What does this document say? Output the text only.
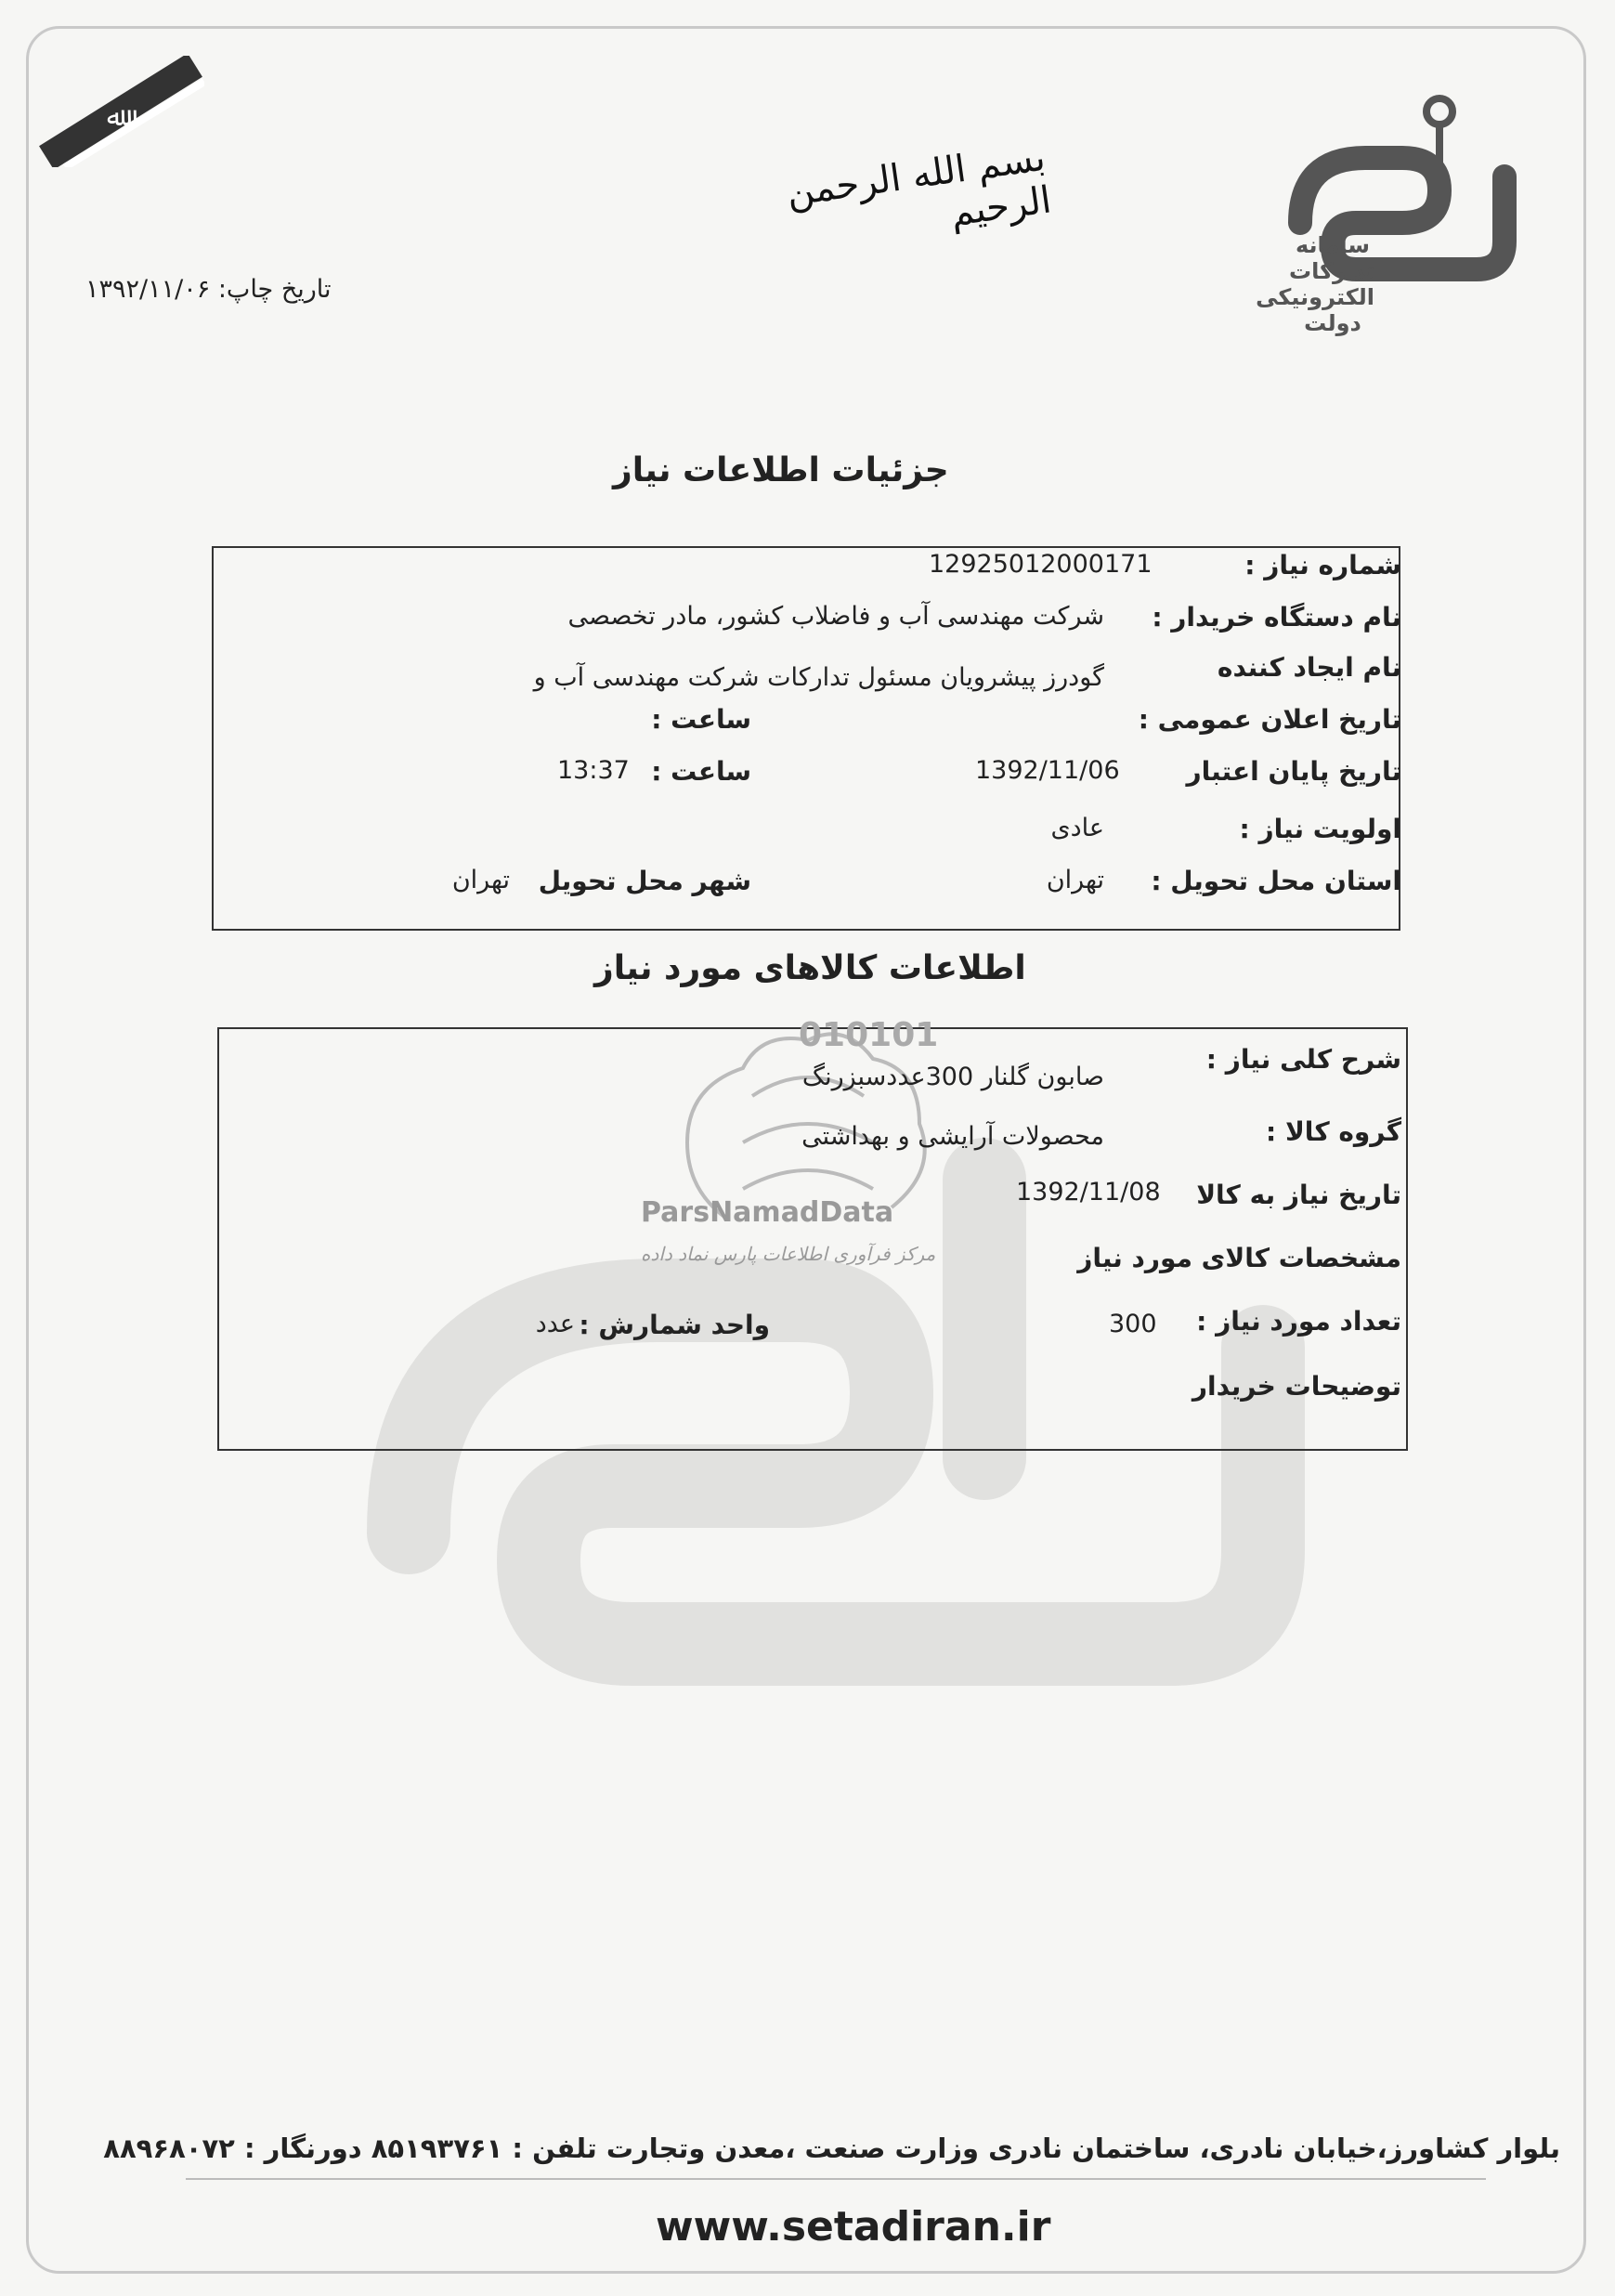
ﷲ
بسم الله الرحمن الرحیم
سامانه تدارکات الکترونیکی دولت
تاریخ چاپ: ۱۳۹۲/۱۱/۰۶
جزئیات اطلاعات نیاز
شماره نیاز :
12925012000171
نام دستگاه خریدار :
شرکت مهندسی آب و فاضلاب کشور، مادر تخصصی
نام ایجاد کننده
گودرز پیشرویان مسئول تدارکات شرکت مهندسی آب و
تاریخ اعلان عمومی :
ساعت :
تاریخ پایان اعتبار
1392/11/06
ساعت :
13:37
اولویت نیاز :
عادی
استان محل تحویل :
تهران
شهر محل تحویل
تهران
اطلاعات کالاهای مورد نیاز
010101
ParsNamadData
مرکز فرآوری اطلاعات پارس نماد داده
شرح کلی نیاز :
صابون گلنار 300عددسبزرنگ
گروه کالا :
محصولات آرایشی و بهداشتی
تاریخ نیاز به کالا
1392/11/08
مشخصات کالای مورد نیاز
تعداد مورد نیاز :
300
واحد شمارش :
عدد
توضیحات خریدار
بلوار کشاورز،خیابان نادری، ساختمان نادری وزارت صنعت ،معدن وتجارت تلفن : ۸۵۱۹۳۷۶۱ دورنگار : ۸۸۹۶۸۰۷۲
www.setadiran.ir
